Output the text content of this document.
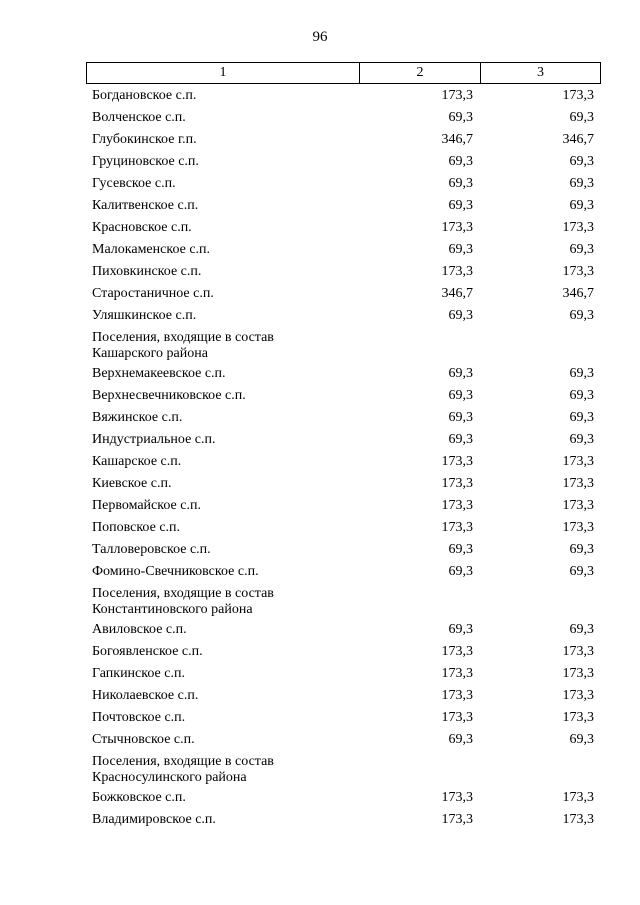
96
1	2	3
Богдановское с.п.	173,3	173,3
Волченское с.п.	69,3	69,3
Глубокинское г.п.	346,7	346,7
Груциновское с.п.	69,3	69,3
Гусевское с.п.	69,3	69,3
Калитвенское с.п.	69,3	69,3
Красновское с.п.	173,3	173,3
Малокаменское с.п.	69,3	69,3
Пиховкинское с.п.	173,3	173,3
Старостаничное с.п.	346,7	346,7
Уляшкинское с.п.	69,3	69,3
Поселения, входящие в состав
Кашарского района
Верхнемакеевское с.п.	69,3	69,3
Верхнесвечниковское с.п.	69,3	69,3
Вяжинское с.п.	69,3	69,3
Индустриальное с.п.	69,3	69,3
Кашарское с.п.	173,3	173,3
Киевское с.п.	173,3	173,3
Первомайское с.п.	173,3	173,3
Поповское с.п.	173,3	173,3
Талловеровское с.п.	69,3	69,3
Фомино-Свечниковское с.п.	69,3	69,3
Поселения, входящие в состав
Константиновского района
Авиловское с.п.	69,3	69,3
Богоявленское с.п.	173,3	173,3
Гапкинское с.п.	173,3	173,3
Николаевское с.п.	173,3	173,3
Почтовское с.п.	173,3	173,3
Стычновское с.п.	69,3	69,3
Поселения, входящие в состав
Красносулинского района
Божковское с.п.	173,3	173,3
Владимировское с.п.	173,3	173,3
